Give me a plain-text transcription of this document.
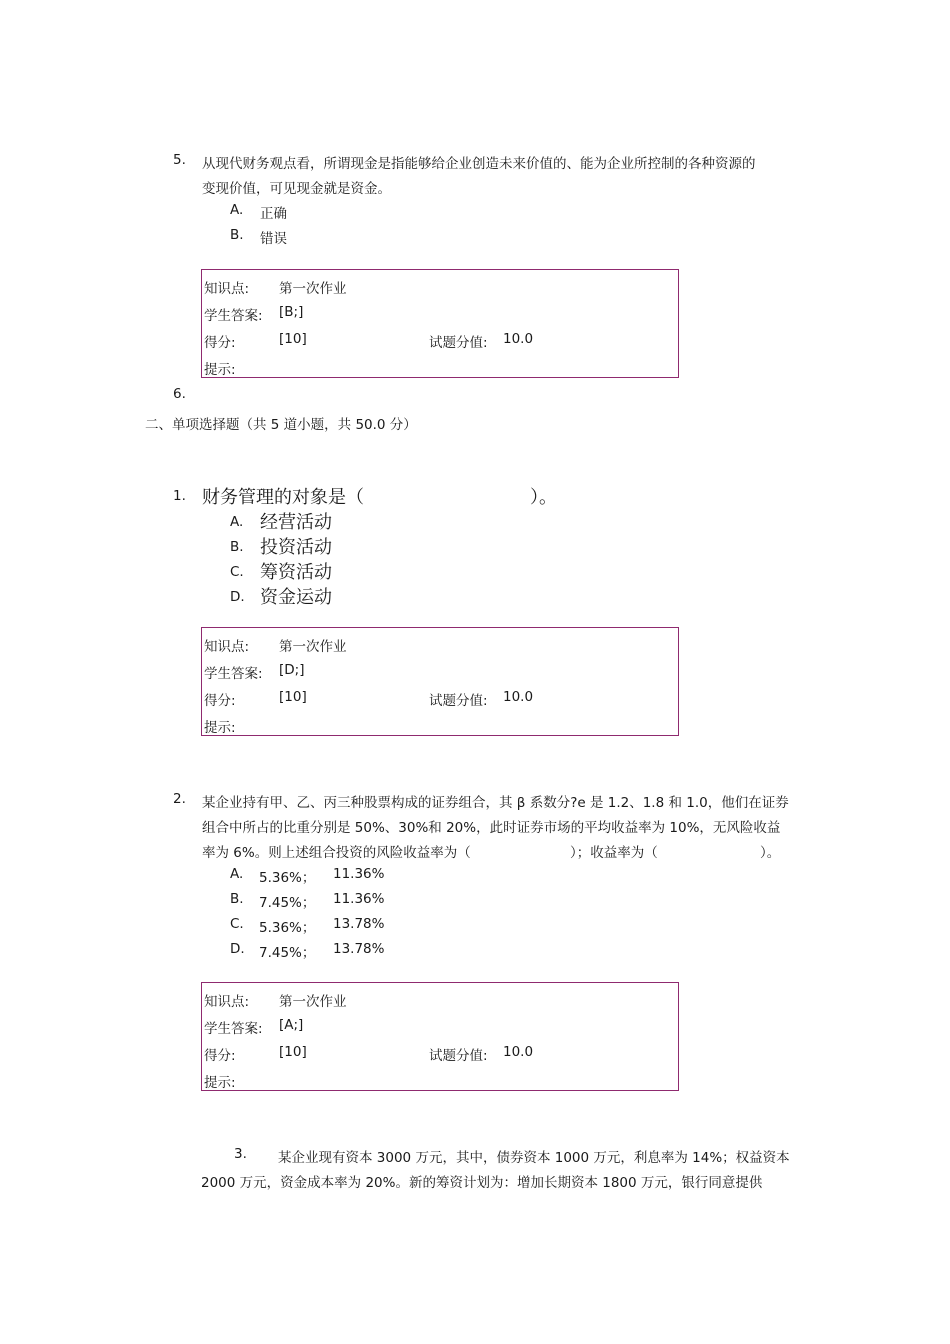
5. 从现代财务观点看，所谓现金是指能够给企业创造未来价值的、能为企业所控制的各种资源的
变现价值，可见现金就是资金。
A. 正确
B. 错误
知识点: 第一次作业
学生答案: [B;]
得分:	[10]	试题分值: 10.0
提示:
6.
二、单项选择题（共 5 道小题，共 50.0 分）
1. 财务管理的对象是（	）。
A. 经营活动
B. 投资活动
C. 筹资活动
D. 资金运动
知识点: 第一次作业
学生答案: [D;]
得分:	[10]	试题分值: 10.0
提示:
2. 某企业持有甲、乙、丙三种股票构成的证券组合，其 β 系数分?e 是 1.2、1.8 和 1.0，他们在证券
组合中所占的比重分别是 50%、30%和 20%，此时证券市场的平均收益率为 10%，无风险收益
率为 6%。则上述组合投资的风险收益率为（	）；收益率为（	）。
A. 5.36%； 11.36%
B. 7.45%； 11.36%
C. 5.36%； 13.78%
D. 7.45%； 13.78%
知识点: 第一次作业
学生答案: [A;]
得分:	[10]	试题分值: 10.0
提示:
3. 某企业现有资本 3000 万元，其中，债券资本 1000 万元，利息率为 14%；权益资本
2000 万元，资金成本率为 20%。新的筹资计划为：增加长期资本 1800 万元，银行同意提供
